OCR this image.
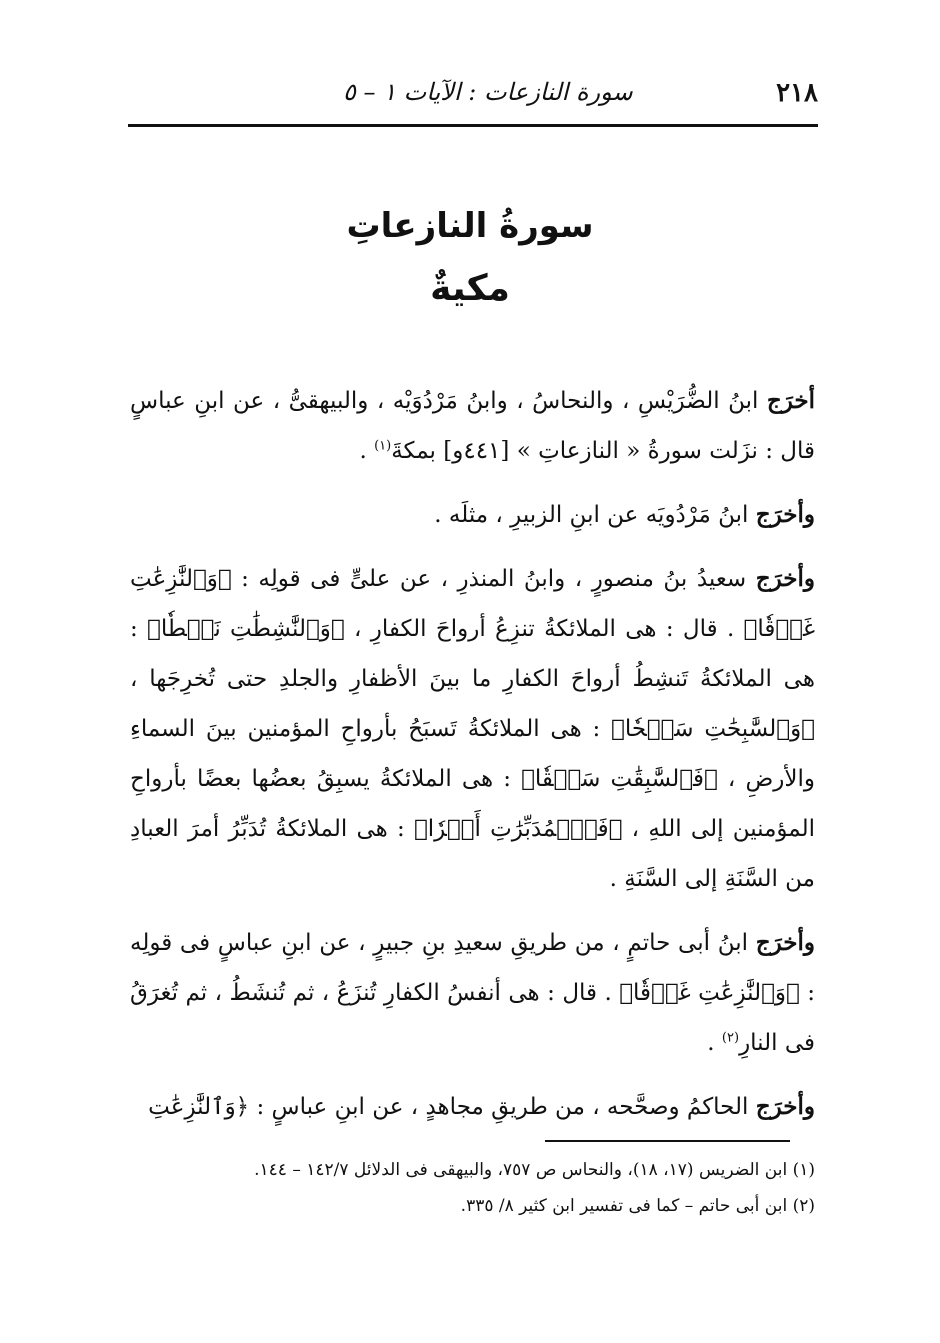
٢١٨
سورة النازعات : الآيات ١ – ٥
سورةُ النازعاتِ
مكيةٌ

أخرَج ابنُ الضُّرَيْسِ ، والنحاسُ ، وابنُ مَرْدُوَيْه ، والبيهقىُّ ، عن ابنِ عباسٍ قال : نزَلت سورةُ « النازعاتِ » [٤٤١و] بمكةَ$^{(١)}$ .

وأخرَج ابنُ مَرْدُويَه عن ابنِ الزبيرِ ، مثلَه .

وأخرَج سعيدُ بنُ منصورٍ ، وابنُ المنذرِ ، عن علىٍّ فى قولِه : ﴿وَٱلنَّٰزِعَٰتِ غَرۡقٗا﴾ . قال : هى الملائكةُ تنزِعُ أرواحَ الكفارِ ، ﴿وَٱلنَّٰشِطَٰتِ نَشۡطٗا﴾ : هى الملائكةُ تَنشِطُ أرواحَ الكفارِ ما بينَ الأظفارِ والجلدِ حتى تُخرِجَها ، ﴿وَٱلسَّٰبِحَٰتِ سَبۡحٗا﴾ : هى الملائكةُ تَسبَحُ بأرواحِ المؤمنين بينَ السماءِ والأرضِ ، ﴿فَٱلسَّٰبِقَٰتِ سَبۡقٗا﴾ : هى الملائكةُ يسبِقُ بعضُها بعضًا بأرواحِ المؤمنين إلى اللهِ ، ﴿فَٱلۡمُدَبِّرَٰتِ أَمۡرٗا﴾ : هى الملائكةُ تُدَبِّرُ أمرَ العبادِ من السَّنَةِ إلى السَّنَةِ .

وأخرَج ابنُ أبى حاتمٍ ، من طريقِ سعيدِ بنِ جبيرٍ ، عن ابنِ عباسٍ فى قولِه : ﴿وَٱلنَّٰزِعَٰتِ غَرۡقٗا﴾ . قال : هى أنفسُ الكفارِ تُنزَعُ ، ثم تُنشَطُ ، ثم تُغرَقُ فى النارِ$^{(٢)}$ .

وأخرَج الحاكمُ وصحَّحه ، من طريقِ مجاهدٍ ، عن ابنِ عباسٍ : ﴿وَٱلنَّٰزِعَٰتِ

(١) ابن الضريس (١٧، ١٨)، والنحاس ص ٧٥٧، والبيهقى فى الدلائل ١٤٢/٧ – ١٤٤.

(٢) ابن أبى حاتم – كما فى تفسير ابن كثير ٨/ ٣٣٥.
